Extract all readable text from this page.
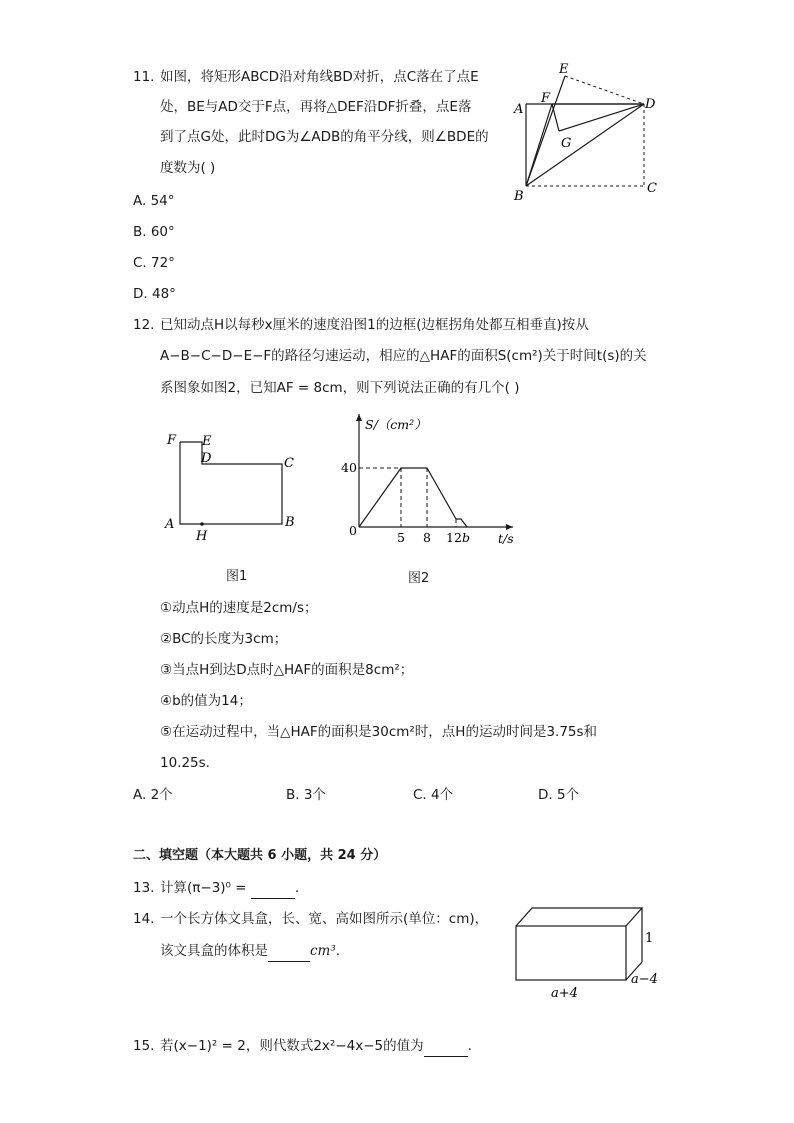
11. 如图，将矩形ABCD沿对角线BD对折，点C落在了点E
处，BE与AD交于F点，再将△DEF沿DF折叠，点E落
到了点G处，此时DG为∠ADB的角平分线，则∠BDE的
度数为( )
A. 54°
B. 60°
C. 72°
D. 48°
A
B
C
D
E
F
G
12. 已知动点H以每秒x厘米的速度沿图1的边框(边框拐角处都互相垂直)按从
A−B−C−D−E−F的路径匀速运动，相应的△HAF的面积S(cm²)关于时间t(s)的关
系图象如图2，已知AF = 8cm，则下列说法正确的有几个( )
F E
D	C
A	B
H
图1
S/（cm²）
40
0	5 8 12 b t/s
图2
①动点H的速度是2cm/s；
②BC的长度为3cm；
③当点H到达D点时△HAF的面积是8cm²；
④b的值为14；
⑤在运动过程中，当△HAF的面积是30cm²时，点H的运动时间是3.75s和
10.25s.
A. 2个	B. 3个	C. 4个	D. 5个
二、填空题（本大题共 6 小题，共 24 分）
13. 计算(π−3)⁰ =	.
14. 一个长方体文具盒，长、宽、高如图所示(单位：cm)，
该文具盒的体积是	cm³.
1
a−4
a+4
15. 若(x−1)² = 2，则代数式2x²−4x−5的值为	.
